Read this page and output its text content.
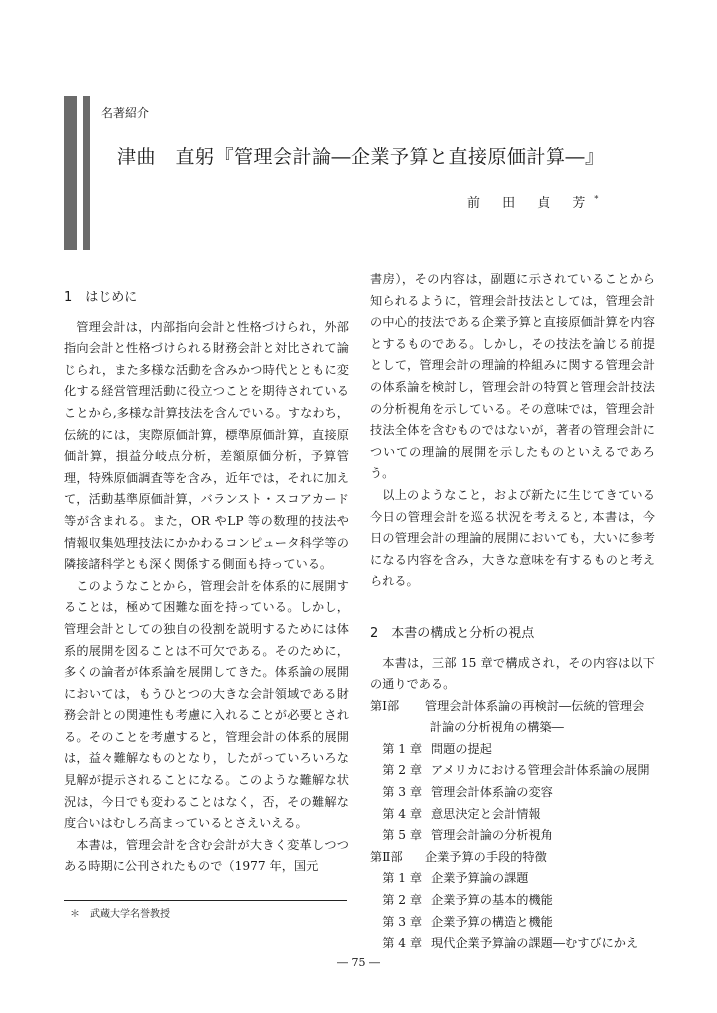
名著紹介
津曲　直躬『管理会計論―企業予算と直接原価計算―』
前 田 貞 芳*
1　はじめに

管理会計は，内部指向会計と性格づけられ，外部指向会計と性格づけられる財務会計と対比されて論じられ，また多様な活動を含みかつ時代とともに変化する経営管理活動に役立つことを期待されていることから,多様な計算技法を含んでいる。すなわち，伝統的には，実際原価計算，標準原価計算，直接原価計算，損益分岐点分析，差額原価分析，予算管理，特殊原価調査等を含み，近年では，それに加えて，活動基準原価計算，バランスト・スコアカード等が含まれる。また，OR やLP 等の数理的技法や情報収集処理技法にかかわるコンピュータ科学等の隣接諸科学とも深く関係する側面も持っている。

このようなことから，管理会計を体系的に展開することは，極めて困難な面を持っている。しかし，管理会計としての独自の役割を説明するためには体系的展開を図ることは不可欠である。そのために，多くの論者が体系論を展開してきた。体系論の展開においては，もうひとつの大きな会計領域である財務会計との関連性も考慮に入れることが必要とされる。そのことを考慮すると，管理会計の体系的展開は，益々難解なものとなり，したがっていろいろな見解が提示されることになる。このような難解な状況は，今日でも変わることはなく，否，その難解な度合いはむしろ高まっているとさえいえる。

本書は，管理会計を含む会計が大きく変革しつつある時期に公刊されたもので（1977 年，国元

書房），その内容は，副題に示されていることから知られるように，管理会計技法としては，管理会計の中心的技法である企業予算と直接原価計算を内容とするものである。しかし，その技法を論じる前提として，管理会計の理論的枠組みに関する管理会計の体系論を検討し，管理会計の特質と管理会計技法の分析視角を示している。その意味では，管理会計技法全体を含むものではないが，著者の管理会計についての理論的展開を示したものといえるであろう。

以上のようなこと，および新たに生じてきている今日の管理会計を巡る状況を考えると, 本書は，今日の管理会計の理論的展開においても，大いに参考になる内容を含み，大きな意味を有するものと考えられる。

2　本書の構成と分析の視点

本書は，三部 15 章で構成され，その内容は以下の通りである。

第Ⅰ部 管理会計体系論の再検討―伝統的管理会
計論の分析視角の構築―
第 1 章 問題の提起
第 2 章 アメリカにおける管理会計体系論の展開
第 3 章 管理会計体系論の変容
第 4 章 意思決定と会計情報
第 5 章 管理会計論の分析視角
第Ⅱ部 企業予算の手段的特徴
第 1 章 企業予算論の課題
第 2 章 企業予算の基本的機能
第 3 章 企業予算の構造と機能
第 4 章 現代企業予算論の課題―むすびにかえ
＊ 武蔵大学名誉教授
― 75 ―
